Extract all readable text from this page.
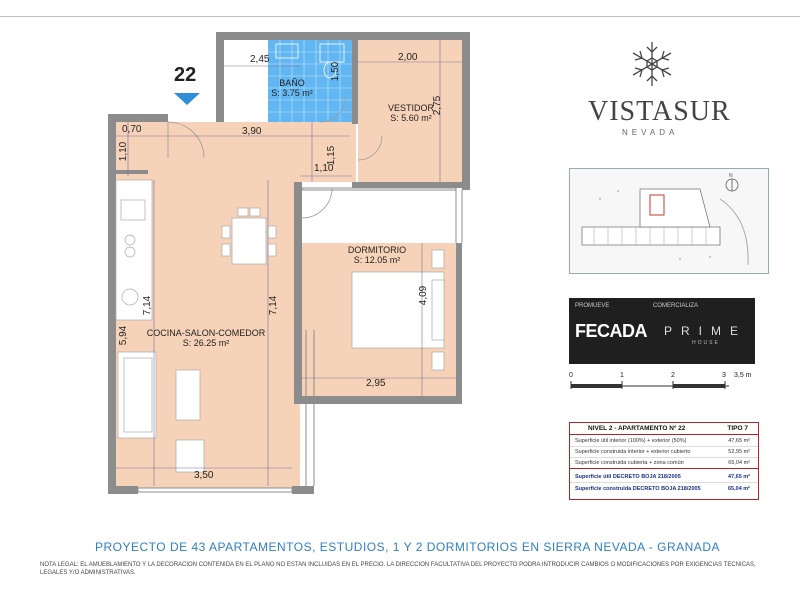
22	BAÑO
S: 3.75 m²
VESTIDOR
S: 5.60 m²
COCINA-SALON-COMEDOR
S: 26.25 m²
DORMITORIO
S: 12.05 m²
2,45
1,50
2,00
2,75
0,70
1,10
3,90
1,15
1,10
7,14	7,14
5,94
3,50
4,09
2,95
VISTASUR
NEVADA
N
PROMUEVE	COMERCIALIZA
FECADA PRIME
HOUSE
0	1	2	3 3,5 m
NIVEL 2 - APARTAMENTO Nº 22	TIPO 7
Superficie útil interior (100%) + exterior (50%)	47,65 m²
Superficie construida interior + exterior cubierto	52,95 m²
Superficie construida cubierta + zona común	65,04 m²
Superficie útil DECRETO BOJA 218/2005	47,65 m²
Superficie construida DECRETO BOJA 218/2005	65,04 m²
PROYECTO DE 43 APARTAMENTOS, ESTUDIOS, 1 Y 2 DORMITORIOS EN SIERRA NEVADA - GRANADA
NOTA LEGAL: EL AMUEBLAMIENTO Y LA DECORACION CONTENIDA EN EL PLANO NO ESTAN INCLUIDAS EN EL PRECIO. LA DIRECCION FACULTATIVA DEL PROYECTO PODRA INTRODUCIR CAMBIOS O MODIFICACIONES POR EXIGENCIAS TECNICAS, LEGALES Y/O ADMINISTRATIVAS.
